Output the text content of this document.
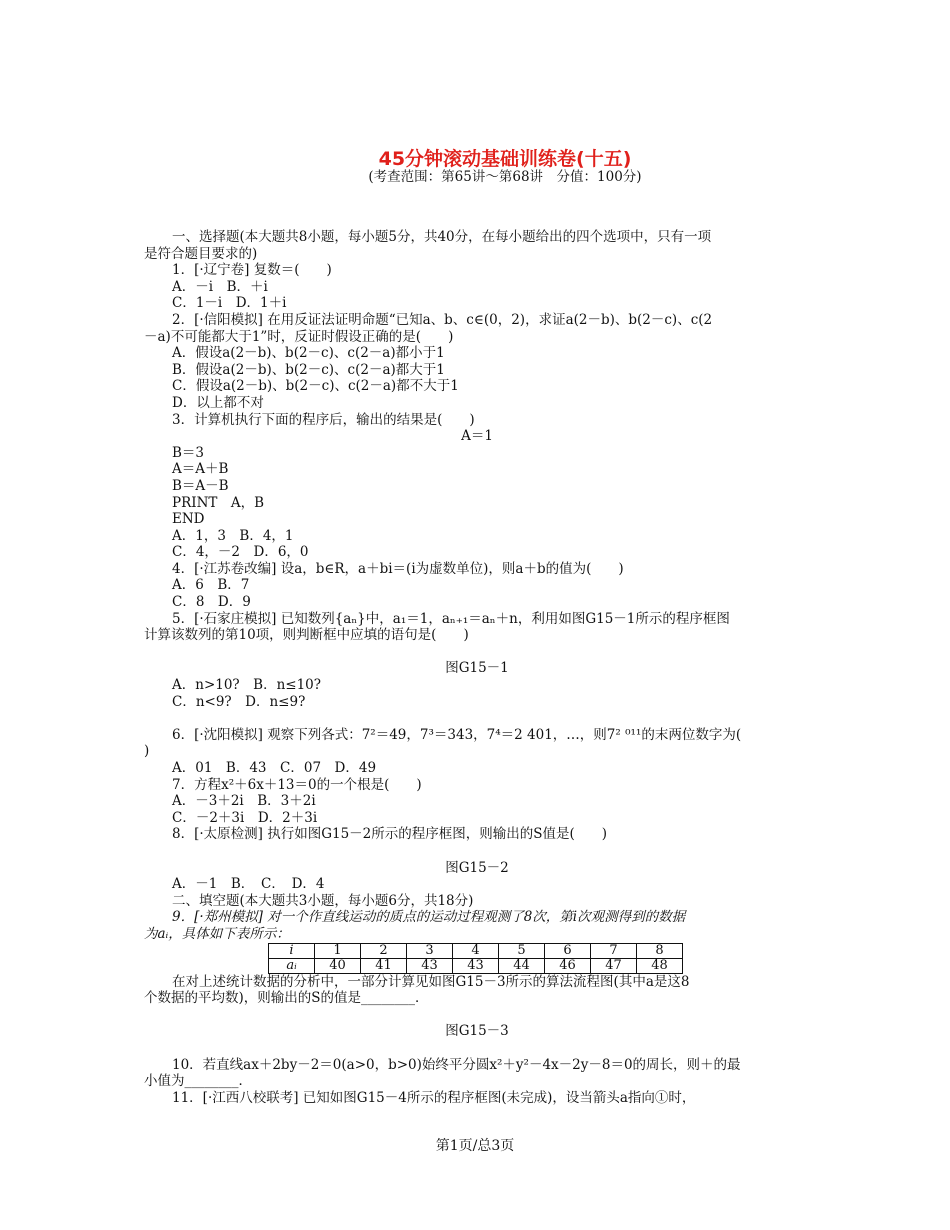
45分钟滚动基础训练卷(十五)
(考查范围：第65讲～第68讲　分值：100分)
一、选择题(本大题共8小题，每小题5分，共40分，在每小题给出的四个选项中，只有一项
是符合题目要求的)
1．[·辽宁卷] 复数＝(　　)
A．－i　B．＋i
C．1－i　D．1＋i
2．[·信阳模拟] 在用反证法证明命题“已知a、b、c∈(0，2)，求证a(2－b)、b(2－c)、c(2
－a)不可能都大于1”时，反证时假设正确的是(　　)
A．假设a(2－b)、b(2－c)、c(2－a)都小于1
B．假设a(2－b)、b(2－c)、c(2－a)都大于1
C．假设a(2－b)、b(2－c)、c(2－a)都不大于1
D．以上都不对
3．计算机执行下面的程序后，输出的结果是(　　)
A＝1
B＝3
A＝A＋B
B＝A－B
PRINT　A，B
END
A．1，3　B．4，1
C．4，－2　D．6，0
4．[·江苏卷改编] 设a，b∈R，a＋bi＝(i为虚数单位)，则a＋b的值为(　　)
A．6　B．7
C．8　D．9
5．[·石家庄模拟] 已知数列{aₙ}中，a₁＝1，aₙ₊₁＝aₙ＋n，利用如图G15－1所示的程序框图
计算该数列的第10项，则判断框中应填的语句是(　　)
图G15－1
A．n>10?　B．n≤10?
C．n<9?　D．n≤9?
6．[·沈阳模拟] 观察下列各式：7²＝49，7³＝343，7⁴＝2 401，…，则7² ⁰¹¹的末两位数字为(
)
A．01　B．43　C．07　D．49
7．方程x²＋6x＋13＝0的一个根是(　　)
A．－3＋2i　B．3＋2i
C．－2＋3i　D．2＋3i
8．[·太原检测] 执行如图G15－2所示的程序框图，则输出的S值是(　　)
图G15－2
A．－1　B．　C．　D．4
二、填空题(本大题共3小题，每小题6分，共18分)
9．[·郑州模拟] 对一个作直线运动的质点的运动过程观测了8次，第i次观测得到的数据
为aᵢ，具体如下表所示：
i	1	2	3	4	5	6	7	8
aᵢ	40	41	43	43	44	46	47	48
在对上述统计数据的分析中，一部分计算见如图G15－3所示的算法流程图(其中a是这8
个数据的平均数)，则输出的S的值是________．
图G15－3
10．若直线ax＋2by－2＝0(a>0，b>0)始终平分圆x²＋y²－4x－2y－8＝0的周长，则＋的最
小值为________．
11．[·江西八校联考] 已知如图G15－4所示的程序框图(未完成)，设当箭头a指向①时，
第1页/总3页
